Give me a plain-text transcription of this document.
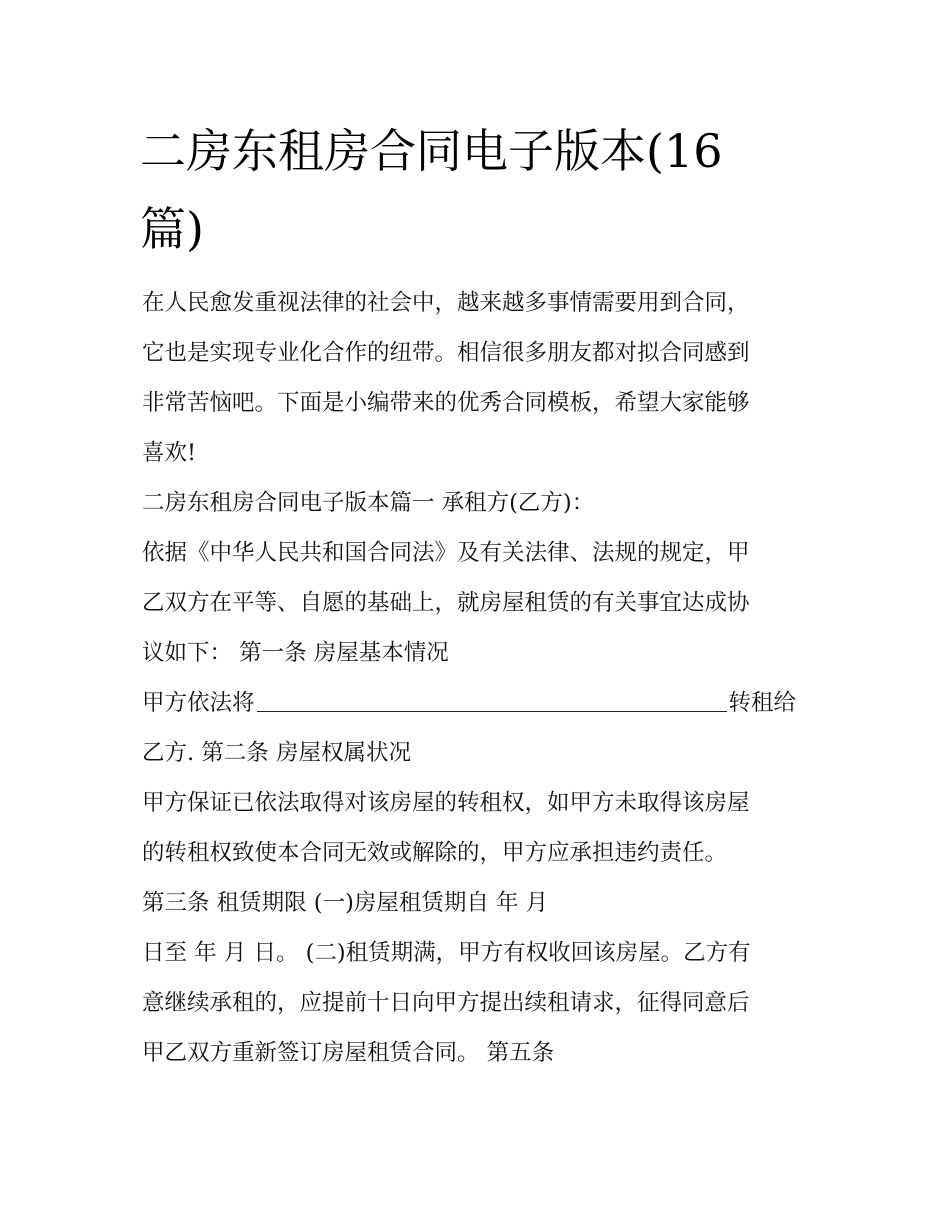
二房东租房合同电子版本(16
篇)

在人民愈发重视法律的社会中，越来越多事情需要用到合同，
它也是实现专业化合作的纽带。相信很多朋友都对拟合同感到
非常苦恼吧。下面是小编带来的优秀合同模板，希望大家能够
喜欢!

二房东租房合同电子版本篇一 承租方(乙方)：

依据《中华人民共和国合同法》及有关法律、法规的规定，甲
乙双方在平等、自愿的基础上，就房屋租赁的有关事宜达成协
议如下： 第一条 房屋基本情况

甲方依法将	转租给
乙方. 第二条 房屋权属状况

甲方保证已依法取得对该房屋的转租权，如甲方未取得该房屋
的转租权致使本合同无效或解除的，甲方应承担违约责任。

第三条 租赁期限 (一)房屋租赁期自 年 月
日至 年 月 日。 (二)租赁期满，甲方有权收回该房屋。乙方有
意继续承租的，应提前十日向甲方提出续租请求，征得同意后
甲乙双方重新签订房屋租赁合同。 第五条
